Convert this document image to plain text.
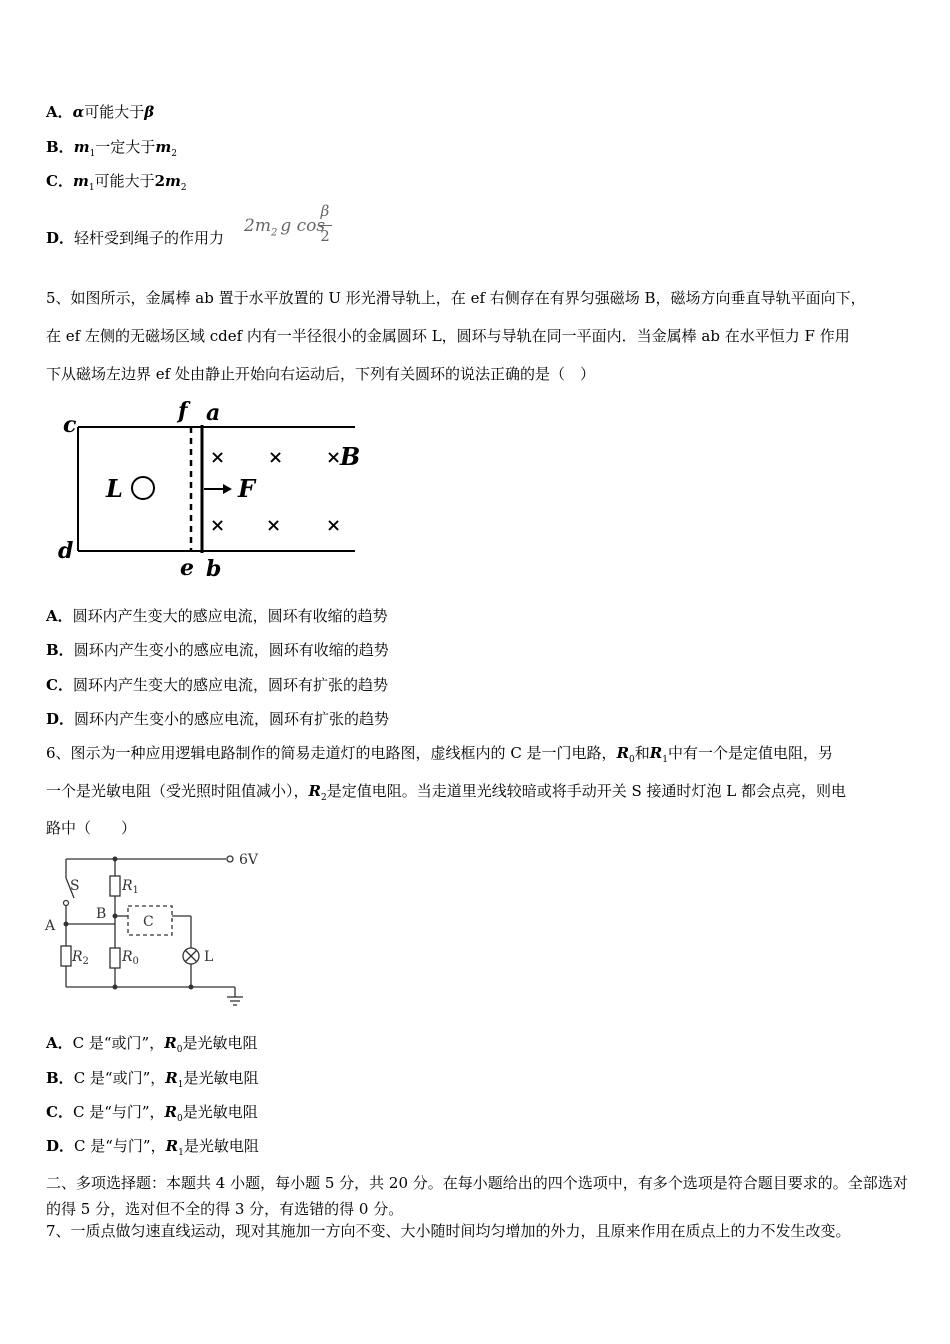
A．α可能大于β
B．$m_1$一定大于$m_2$
C．$m_1$可能大于$2m_2$
D．轻杆受到绳子的作用力
$2m_2$ g cos
β
2
5、如图所示，金属棒 ab 置于水平放置的 U 形光滑导轨上，在 ef 右侧存在有界匀强磁场 B，磁场方向垂直导轨平面向下，
在 ef 左侧的无磁场区域 cdef 内有一半径很小的金属圆环 L，圆环与导轨在同一平面内．当金属棒 ab 在水平恒力 F 作用
下从磁场左边界 ef 处由静止开始向右运动后，下列有关圆环的说法正确的是（　）
c
d
f a
e b
L	F
B
× × ×
× × ×
A．圆环内产生变大的感应电流，圆环有收缩的趋势
B．圆环内产生变小的感应电流，圆环有收缩的趋势
C．圆环内产生变大的感应电流，圆环有扩张的趋势
D．圆环内产生变小的感应电流，圆环有扩张的趋势
6、图示为一种应用逻辑电路制作的简易走道灯的电路图，虚线框内的 C 是一门电路，$R_0$和$R_1$中有一个是定值电阻，另
一个是光敏电阻（受光照时阻值减小），$R_2$是定值电阻。当走道里光线较暗或将手动开关 S 接通时灯泡 L 都会点亮，则电
路中（　　）
6V
S
A
B	C
L
$R_1$
$R_2$ $R_0$
A．C 是“或门”，$R_0$是光敏电阻
B．C 是“或门”，$R_1$是光敏电阻
C．C 是“与门”，$R_0$是光敏电阻
D．C 是“与门”，$R_1$是光敏电阻
二、多项选择题：本题共 4 小题，每小题 5 分，共 20 分。在每小题给出的四个选项中，有多个选项是符合题目要求的。全部选对的得 5 分，选对但不全的得 3 分，有选错的得 0 分。
7、一质点做匀速直线运动，现对其施加一方向不变、大小随时间均匀增加的外力，且原来作用在质点上的力不发生改变。
